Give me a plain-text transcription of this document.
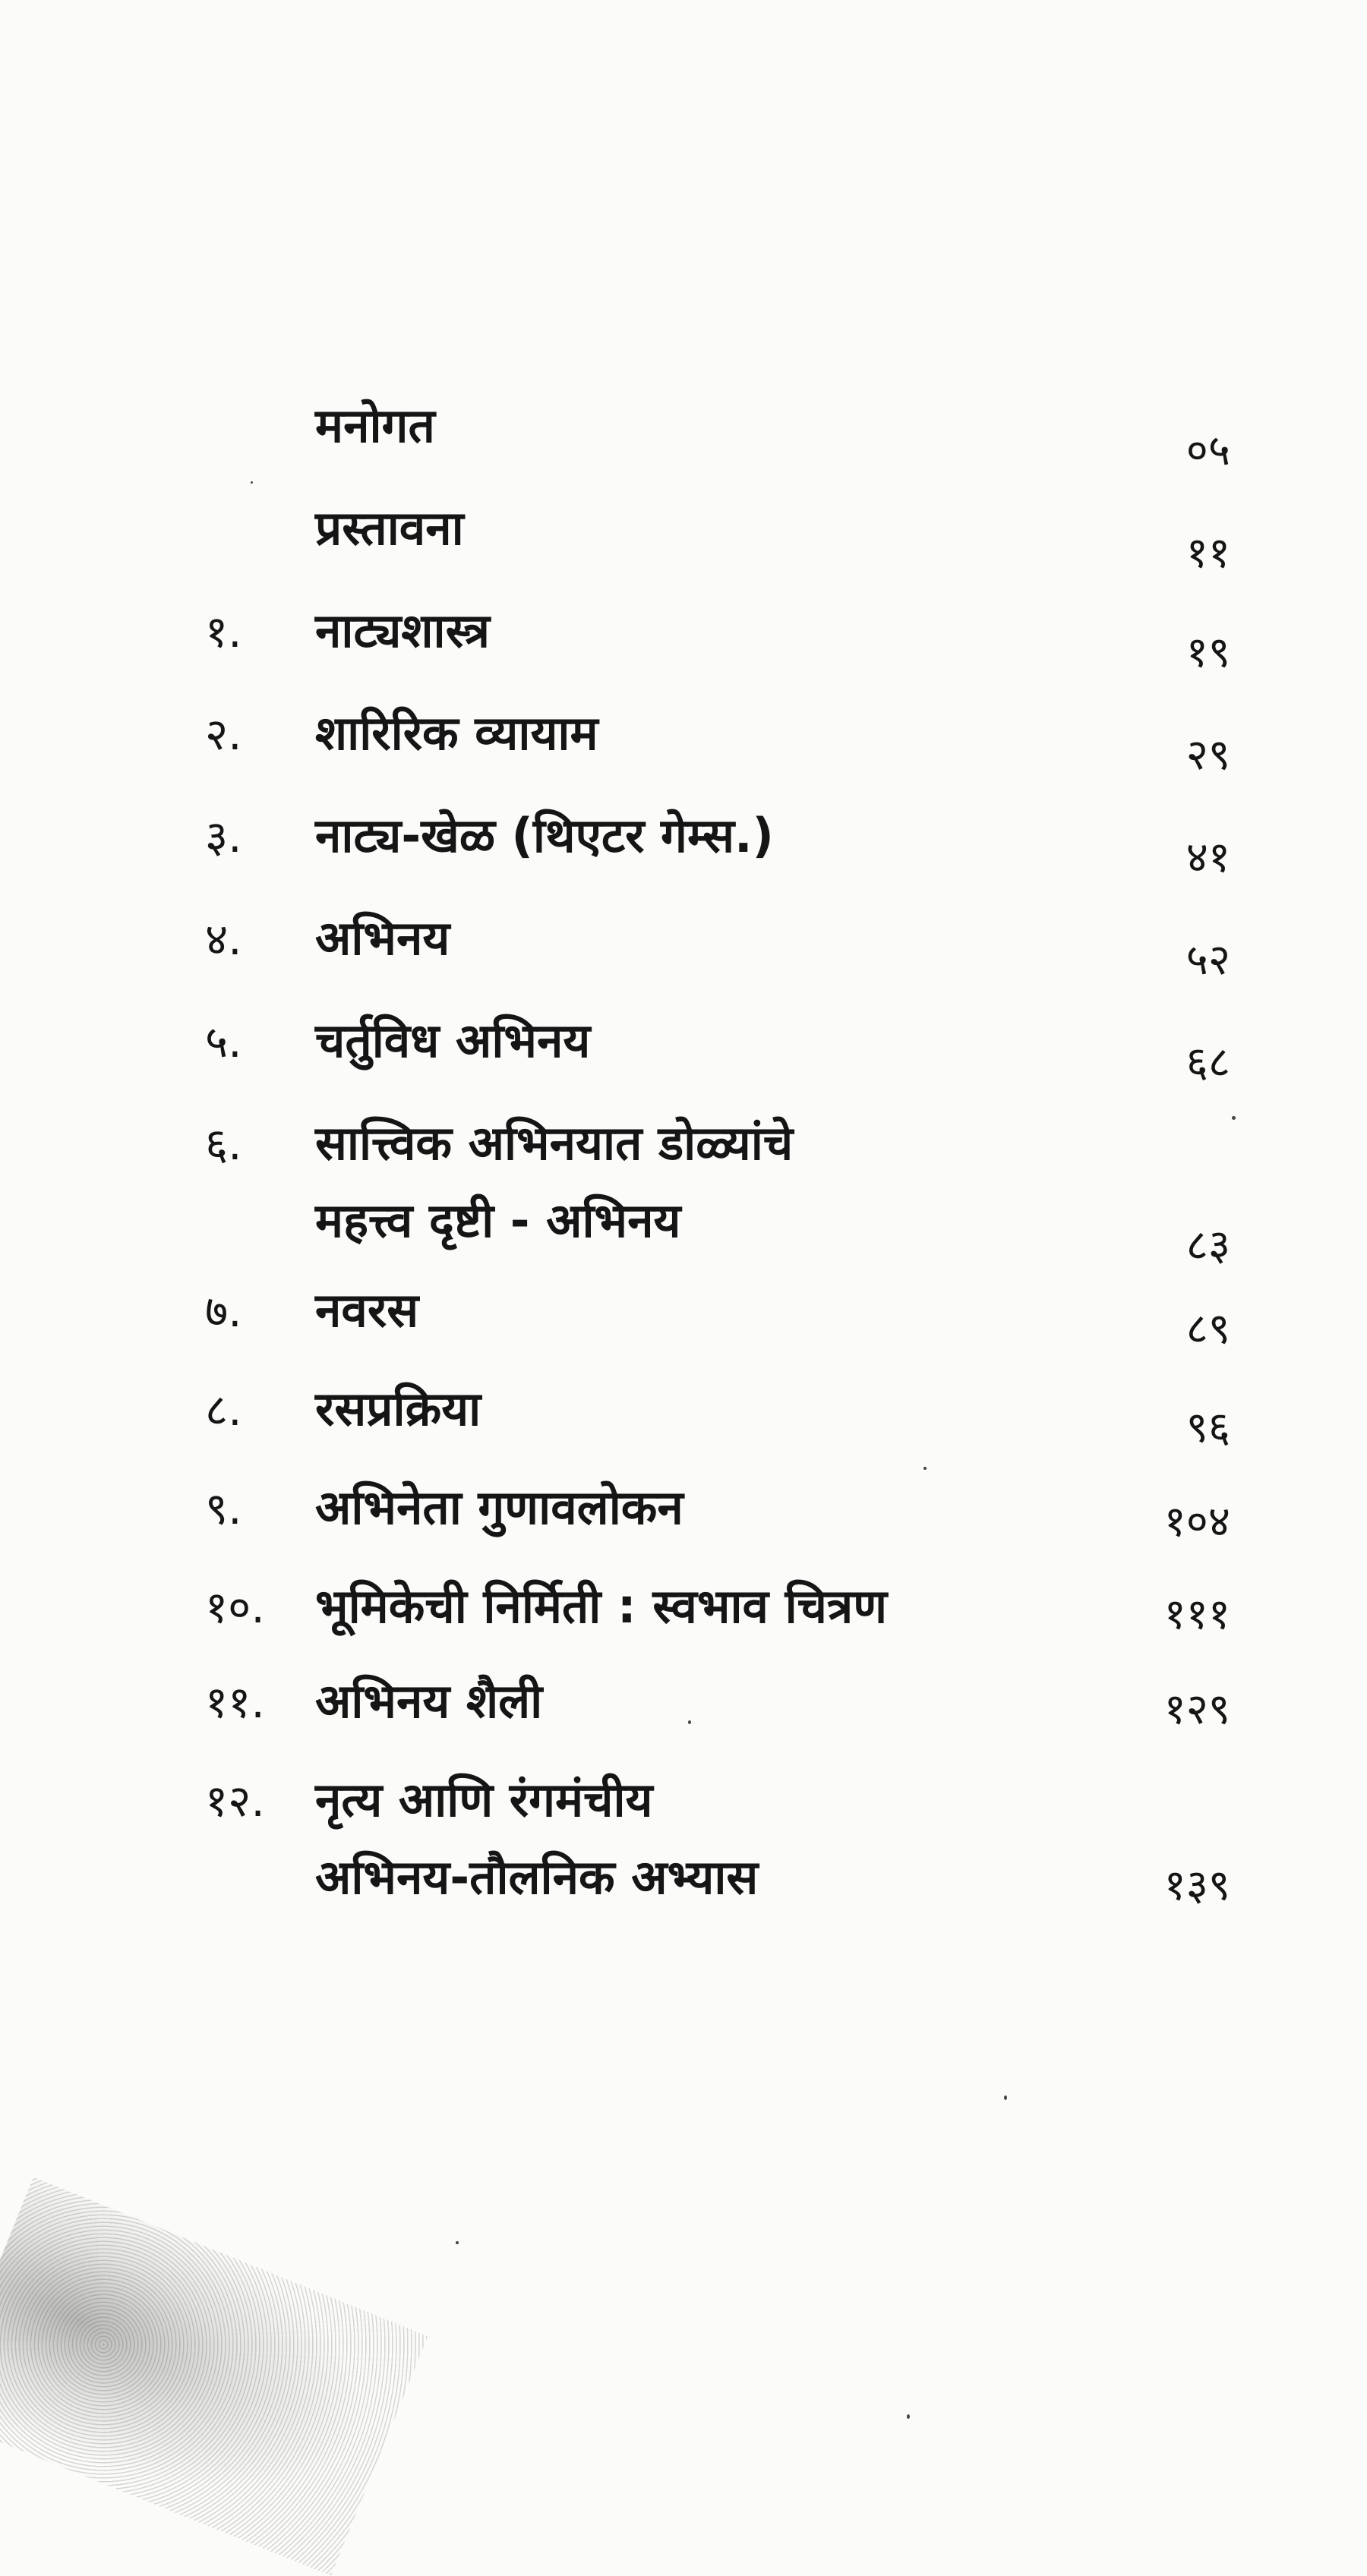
मनोगत	०५
प्रस्तावना	११
१. नाट्यशास्त्र	१९
२. शारिरिक व्यायाम	२९
३. नाट्य-खेळ (थिएटर गेम्स.)	४१
४. अभिनय	५२
५. चर्तुविध अभिनय	६८
६. सात्त्विक अभिनयात डोळ्यांचे
महत्त्व दृष्टी - अभिनय	८३
७. नवरस	८९
८. रसप्रक्रिया	९६
९. अभिनेता गुणावलोकन	१०४
१०. भूमिकेची निर्मिती : स्वभाव चित्रण	१११
११. अभिनय शैली	१२९
१२. नृत्य आणि रंगमंचीय
अभिनय-तौलनिक अभ्यास	१३९
